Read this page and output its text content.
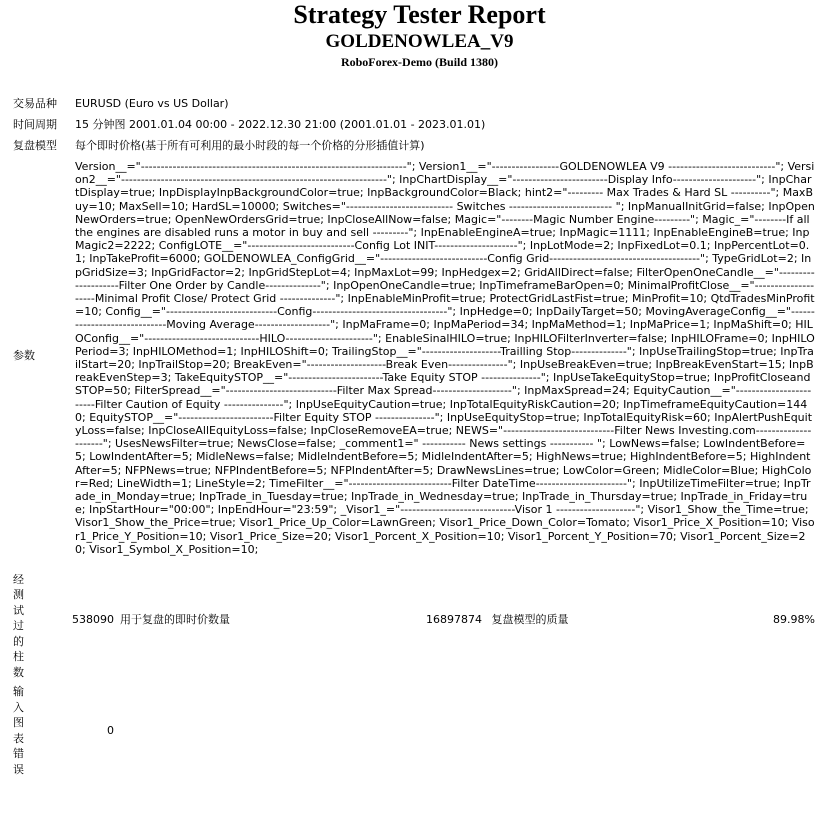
Strategy Tester Report
GOLDENOWLEA_V9
RoboForex-Demo (Build 1380)
交易品种	EURUSD (Euro vs US Dollar)			
时间周期	15 分钟图 2001.01.04 00:00 - 2022.12.30 21:00 (2001.01.01 - 2023.01.01)			
复盘模型	每个即时价格(基于所有可利用的最小时段的每一个价格的分形插值计算)			
参数	Version__="-------------------------------------------------------------------"; Version1__="-----------------GOLDENOWLEA V9 ---------------------------"; Version2__="-------------------------------------------------------------------"; InpChartDisplay__="------------------------Display Info---------------------"; InpChartDisplay=true; InpDisplayInpBackgroundColor=true; InpBackgroundColor=Black; hint2="--------- Max Trades & Hard SL ----------"; MaxBuy=10; MaxSell=10; HardSL=10000; Switches="--------------------------- Switches -------------------------- "; InpManualInitGrid=false; InpOpenNewOrders=true; OpenNewOrdersGrid=true; InpCloseAllNow=false; Magic="--------Magic Number Engine---------"; Magic_="--------If all the engines are disabled runs a motor in buy and sell ---------"; InpEnableEngineA=true; InpMagic=1111; InpEnableEngineB=true; InpMagic2=2222; ConfigLOTE__="---------------------------Config Lot INIT---------------------"; InpLotMode=2; InpFixedLot=0.1; InpPercentLot=0.1; InpTakeProfit=6000; GOLDENOWLEA_ConfigGrid__="---------------------------Config Grid--------------------------------------"; TypeGridLot=2; InpGridSize=3; InpGridFactor=2; InpGridStepLot=4; InpMaxLot=99; InpHedgex=2; GridAllDirect=false; FilterOpenOneCandle__="--------------------Filter One Order by Candle--------------"; InpOpenOneCandle=true; InpTimeframeBarOpen=0; MinimalProfitClose__="--------------------Minimal Profit Close/ Protect Grid --------------"; InpEnableMinProfit=true; ProtectGridLastFist=true; MinProfit=10; QtdTradesMinProfit=10; Config__="----------------------------Config----------------------------------"; InpHedge=0; InpDailyTarget=50; MovingAverageConfig__="-----------------------------Moving Average-------------------"; InpMaFrame=0; InpMaPeriod=34; InpMaMethod=1; InpMaPrice=1; InpMaShift=0; HILOConfig__="-----------------------------HILO----------------------"; EnableSinalHILO=true; InpHILOFilterInverter=false; InpHILOFrame=0; InpHILOPeriod=3; InpHILOMethod=1; InpHILOShift=0; TrailingStop__="--------------------Trailling Stop--------------"; InpUseTrailingStop=true; InpTrailStart=20; InpTrailStop=20; BreakEven="--------------------Break Even---------------"; InpUseBreakEven=true; InpBreakEvenStart=15; InpBreakEvenStep=3; TakeEquitySTOP__="------------------------Take Equity STOP ---------------"; InpUseTakeEquityStop=true; InpProfitCloseandSTOP=50; FilterSpread__="----------------------------Filter Max Spread--------------------"; InpMaxSpread=24; EquityCaution__="------------------------Filter Caution of Equity ---------------"; InpUseEquityCaution=true; InpTotalEquityRiskCaution=20; InpTimeframeEquityCaution=1440; EquitySTOP__="------------------------Filter Equity STOP ---------------"; InpUseEquityStop=true; InpTotalEquityRisk=60; InpAlertPushEquityLoss=false; InpCloseAllEquityLoss=false; InpCloseRemoveEA=true; NEWS="----------------------------Filter News Investing.com---------------------"; UsesNewsFilter=true; NewsClose=false; _comment1=" ----------- News settings ----------- "; LowNews=false; LowIndentBefore=5; LowIndentAfter=5; MidleNews=false; MidleIndentBefore=5; MidleIndentAfter=5; HighNews=true; HighIndentBefore=5; HighIndentAfter=5; NFPNews=true; NFPIndentBefore=5; NFPIndentAfter=5; DrawNewsLines=true; LowColor=Green; MidleColor=Blue; HighColor=Red; LineWidth=1; LineStyle=2; TimeFilter__="--------------------------Filter DateTime-----------------------"; InpUtilizeTimeFilter=true; InpTrade_in_Monday=true; InpTrade_in_Tuesday=true; InpTrade_in_Wednesday=true; InpTrade_in_Thursday=true; InpTrade_in_Friday=true; InpStartHour="00:00"; InpEndHour="23:59"; _Visor1_="-----------------------------Visor 1 --------------------"; Visor1_Show_the_Time=true; Visor1_Show_the_Price=true; Visor1_Price_Up_Color=LawnGreen; Visor1_Price_Down_Color=Tomato; Visor1_Price_X_Position=10; Visor1_Price_Y_Position=10; Visor1_Price_Size=20; Visor1_Porcent_X_Position=10; Visor1_Porcent_Y_Position=70; Visor1_Porcent_Size=20; Visor1_Symbol_X_Position=10;			

经测试过的柱数	538090	用于复盘的即时价数量	16897874 复盘模型的质量	89.98%

输入图表错误	0			
